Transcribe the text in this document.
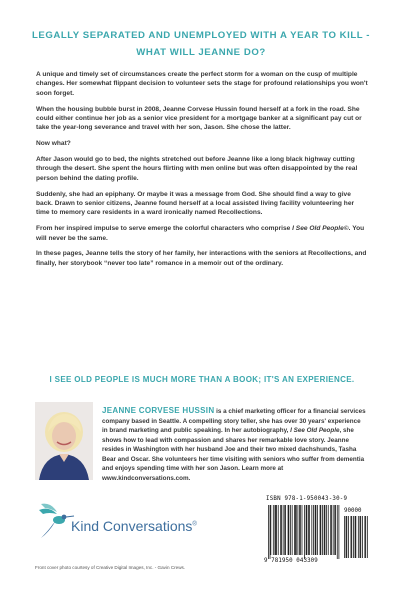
LEGALLY SEPARATED AND UNEMPLOYED WITH A YEAR TO KILL - WHAT WILL JEANNE DO?

A unique and timely set of circumstances create the perfect storm for a woman on the cusp of multiple changes. Her somewhat flippant decision to volunteer sets the stage for profound relationships you won't soon forget.

When the housing bubble burst in 2008, Jeanne Corvese Hussin found herself at a fork in the road. She could either continue her job as a senior vice president for a mortgage banker at a significant pay cut or take the year-long severance and travel with her son, Jason. She chose the latter.

Now what?

After Jason would go to bed, the nights stretched out before Jeanne like a long black highway cutting through the desert. She spent the hours flirting with men online but was often disappointed by the real person behind the dating profile.

Suddenly, she had an epiphany. Or maybe it was a message from God. She should find a way to give back. Drawn to senior citizens, Jeanne found herself at a local assisted living facility volunteering her time to memory care residents in a ward ironically named Recollections.

From her inspired impulse to serve emerge the colorful characters who comprise I See Old People©. You will never be the same.

In these pages, Jeanne tells the story of her family, her interactions with the seniors at Recollections, and finally, her storybook “never too late” romance in a memoir out of the ordinary.

I SEE OLD PEOPLE IS MUCH MORE THAN A BOOK; IT'S AN EXPERIENCE.

JEANNE CORVESE HUSSIN is a chief marketing officer for a financial services company based in Seattle. A compelling story teller, she has over 30 years' experience in brand marketing and public speaking. In her autobiography, I See Old People, she shows how to lead with compassion and shares her remarkable love story. Jeanne resides in Washington with her husband Joe and their two mixed dachshunds, Tasha Bear and Oscar. She volunteers her time visiting with seniors who suffer from dementia and enjoys spending time with her son Jason. Learn more at www.kindconversations.com.

Kind Conversations®

Front cover photo courtesy of Creative Digital Images, Inc. - Gavin Crews.

ISBN 978-1-950043-30-9
90000
9 781950 043309
